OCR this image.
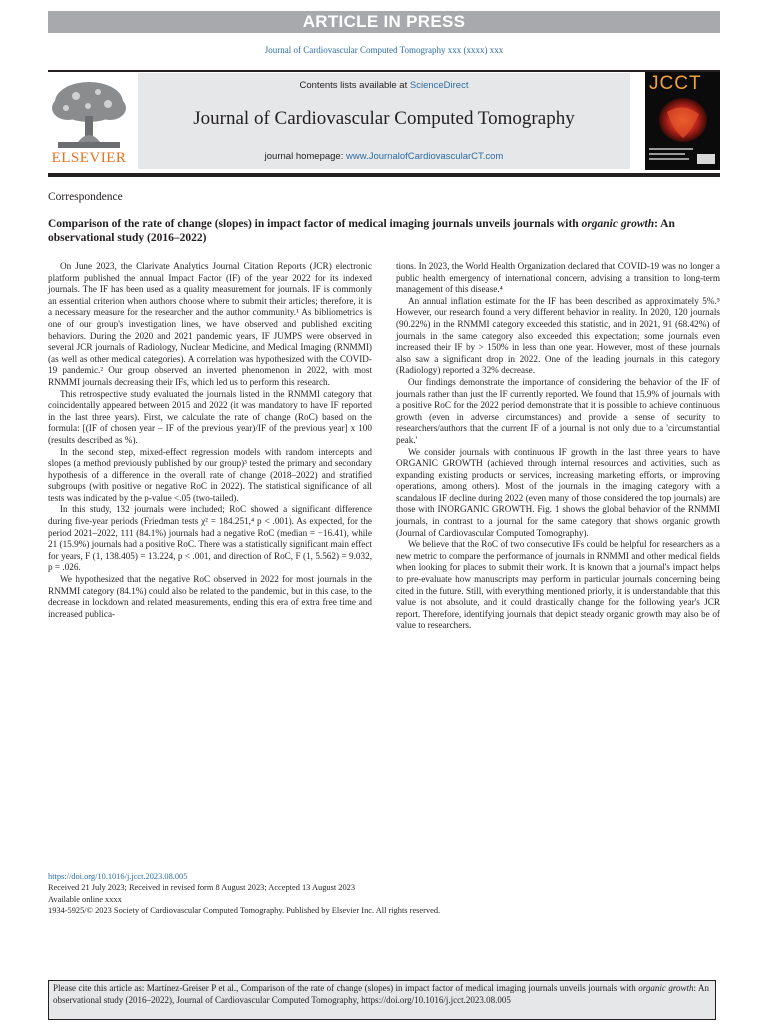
ARTICLE IN PRESS
Journal of Cardiovascular Computed Tomography xxx (xxxx) xxx
ELSEVIER
Contents lists available at ScienceDirect
Journal of Cardiovascular Computed Tomography
journal homepage: www.JournalofCardiovascularCT.com
JCCT
Correspondence
Comparison of the rate of change (slopes) in impact factor of medical imaging journals unveils journals with organic growth: An observational study (2016–2022)

On June 2023, the Clarivate Analytics Journal Citation Reports (JCR) electronic platform published the annual Impact Factor (IF) of the year 2022 for its indexed journals. The IF has been used as a quality measurement for journals. IF is commonly an essential criterion when authors choose where to submit their articles; therefore, it is a necessary measure for the researcher and the author community.¹ As bibliometrics is one of our group's investigation lines, we have observed and published exciting behaviors. During the 2020 and 2021 pandemic years, IF JUMPS were observed in several JCR journals of Radiology, Nuclear Medicine, and Medical Imaging (RNMMI) (as well as other medical categories). A correlation was hypothesized with the COVID-19 pandemic.² Our group observed an inverted phenomenon in 2022, with most RNMMI journals decreasing their IFs, which led us to perform this research.

This retrospective study evaluated the journals listed in the RNMMI category that coincidentally appeared between 2015 and 2022 (it was mandatory to have IF reported in the last three years). First, we calculate the rate of change (RoC) based on the formula: [(IF of chosen year – IF of the previous year)/IF of the previous year] x 100 (results described as %).

In the second step, mixed-effect regression models with random intercepts and slopes (a method previously published by our group)³ tested the primary and secondary hypothesis of a difference in the overall rate of change (2018–2022) and stratified subgroups (with positive or negative RoC in 2022). The statistical significance of all tests was indicated by the p-value <.05 (two-tailed).

In this study, 132 journals were included; RoC showed a significant difference during five-year periods (Friedman tests χ² = 184.251,⁴ p < .001). As expected, for the period 2021–2022, 111 (84.1%) journals had a negative RoC (median = −16.41), while 21 (15.9%) journals had a positive RoC. There was a statistically significant main effect for years, F (1, 138.405) = 13.224, p < .001, and direction of RoC, F (1, 5.562) = 9.032, p = .026.

We hypothesized that the negative RoC observed in 2022 for most journals in the RNMMI category (84.1%) could also be related to the pandemic, but in this case, to the decrease in lockdown and related measurements, ending this era of extra free time and increased publica-

tions. In 2023, the World Health Organization declared that COVID-19 was no longer a public health emergency of international concern, advising a transition to long-term management of this disease.⁴

An annual inflation estimate for the IF has been described as approximately 5%.⁵ However, our research found a very different behavior in reality. In 2020, 120 journals (90.22%) in the RNMMI category exceeded this statistic, and in 2021, 91 (68.42%) of journals in the same category also exceeded this expectation; some journals even increased their IF by > 150% in less than one year. However, most of these journals also saw a significant drop in 2022. One of the leading journals in this category (Radiology) reported a 32% decrease.

Our findings demonstrate the importance of considering the behavior of the IF of journals rather than just the IF currently reported. We found that 15.9% of journals with a positive RoC for the 2022 period demonstrate that it is possible to achieve continuous growth (even in adverse circumstances) and provide a sense of security to researchers/authors that the current IF of a journal is not only due to a 'circumstantial peak.'

We consider journals with continuous IF growth in the last three years to have ORGANIC GROWTH (achieved through internal resources and activities, such as expanding existing products or services, increasing marketing efforts, or improving operations, among others). Most of the journals in the imaging category with a scandalous IF decline during 2022 (even many of those considered the top journals) are those with INORGANIC GROWTH. Fig. 1 shows the global behavior of the RNMMI journals, in contrast to a journal for the same category that shows organic growth (Journal of Cardiovascular Computed Tomography).

We believe that the RoC of two consecutive IFs could be helpful for researchers as a new metric to compare the performance of journals in RNMMI and other medical fields when looking for places to submit their work. It is known that a journal's impact helps to pre-evaluate how manuscripts may perform in particular journals concerning being cited in the future. Still, with everything mentioned priorly, it is understandable that this value is not absolute, and it could drastically change for the following year's JCR report. Therefore, identifying journals that depict steady organic growth may also be of value to researchers.

https://doi.org/10.1016/j.jcct.2023.08.005
Received 21 July 2023; Received in revised form 8 August 2023; Accepted 13 August 2023
Available online xxxx
1934-5925/© 2023 Society of Cardiovascular Computed Tomography. Published by Elsevier Inc. All rights reserved.
Please cite this article as: Martínez-Greiser P et al., Comparison of the rate of change (slopes) in impact factor of medical imaging journals unveils journals with organic growth: An observational study (2016–2022), Journal of Cardiovascular Computed Tomography, https://doi.org/10.1016/j.jcct.2023.08.005
